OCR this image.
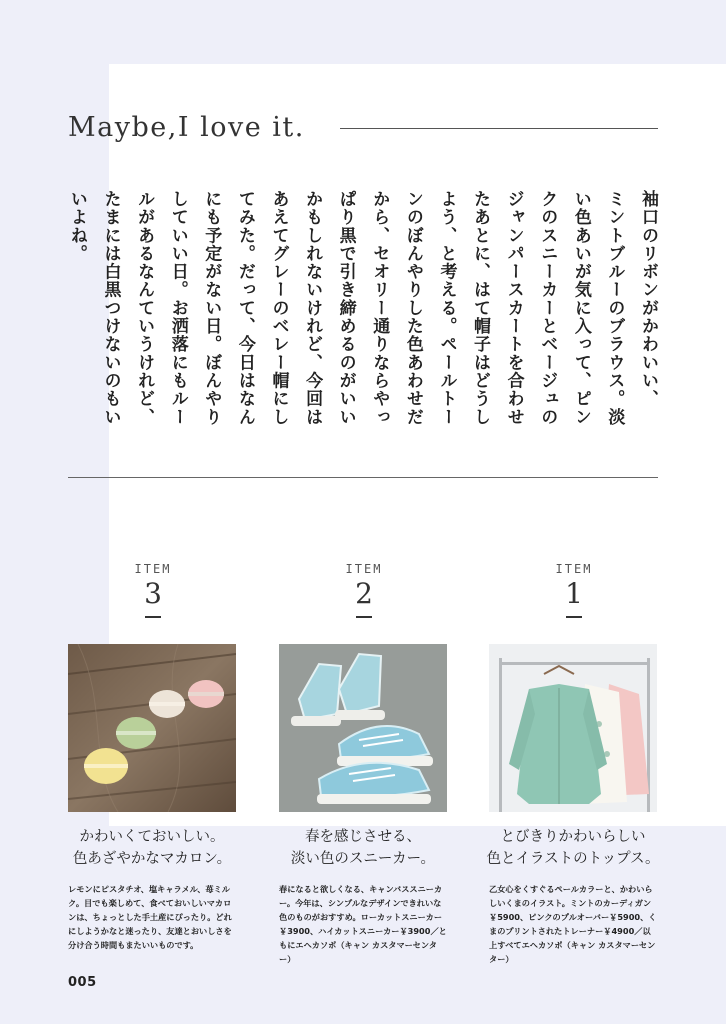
Maybe,I love it.
袖口のリボンがかわいい、
ミントブルーのブラウス。淡
い色あいが気に入って、ピン
クのスニーカーとベージュの
ジャンパースカートを合わせ
たあとに、はて帽子はどうし
よう、と考える。ペールトー
ンのぼんやりした色あわせだ
から、セオリー通りならやっ
ぱり黒で引き締めるのがいい
かもしれないけれど、今回は
あえてグレーのベレー帽にし
てみた。だって、今日はなん
にも予定がない日。ぼんやり
していい日。お洒落にもルー
ルがあるなんていうけれど、
たまには白黒つけないのもい
いよね。
ITEM
3
ITEM
2
ITEM
1
かわいくておいしい。
色あざやかなマカロン。
春を感じさせる、
淡い色のスニーカー。
とびきりかわいらしい
色とイラストのトップス。
レモンにピスタチオ、塩キャラメル、苺ミルク。目でも楽しめて、食べておいしいマカロンは、ちょっとした手土産にぴったり。どれにしようかなと迷ったり、友達とおいしさを分け合う時間もまたいいものです。
春になると欲しくなる、キャンバススニーカー。今年は、シンプルなデザインできれいな色のものがおすすめ。ローカットスニーカー￥3900、ハイカットスニーカー￥3900／ともにエヘカソポ（キャン カスタマーセンター）
乙女心をくすぐるペールカラーと、かわいらしいくまのイラスト。ミントのカーディガン￥5900、ピンクのプルオーバー￥5900、くまのプリントされたトレーナー￥4900／以上すべてエヘカソポ（キャン カスタマーセンター）
005
